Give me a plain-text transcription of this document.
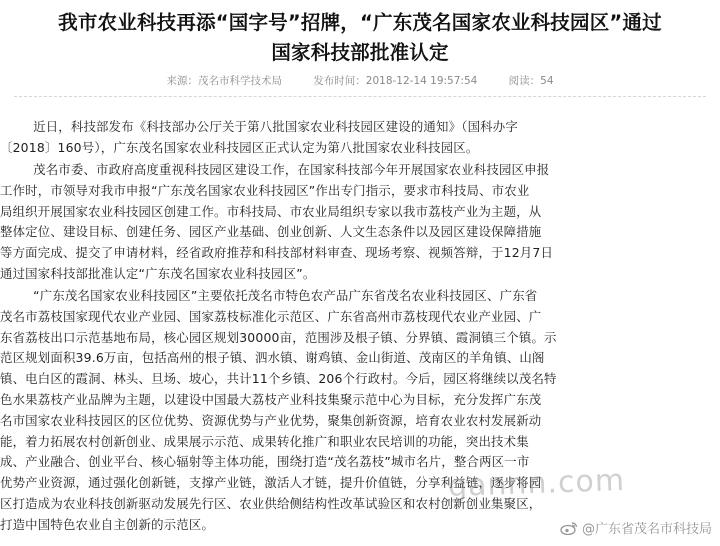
我市农业科技再添“国字号”招牌，“广东茂名国家农业科技园区”通过
国家科技部批准认定
来源：茂名市科学技术局	发布时间：2018-12-14 19:57:54	阅读：54
近日，科技部发布《科技部办公厅关于第八批国家农业科技园区建设的通知》（国科办字
〔2018〕160号），广东茂名国家农业科技园区正式认定为第八批国家农业科技园区。
茂名市委、市政府高度重视科技园区建设工作，在国家科技部今年开展国家农业科技园区申报
工作时，市领导对我市申报“广东茂名国家农业科技园区”作出专门指示，要求市科技局、市农业
局组织开展国家农业科技园区创建工作。市科技局、市农业局组织专家以我市荔枝产业为主题，从
整体定位、建设目标、创建任务、园区产业基础、创业创新、人文生态条件以及园区建设保障措施
等方面完成、提交了申请材料，经省政府推荐和科技部材料审查、现场考察、视频答辩，于12月7日
通过国家科技部批准认定“广东茂名国家农业科技园区”。
“广东茂名国家农业科技园区”主要依托茂名市特色农产品广东省茂名农业科技园区、广东省
茂名市荔枝国家现代农业产业园、国家荔枝标准化示范区、广东省高州市荔枝现代农业产业园、广
东省荔枝出口示范基地布局，核心园区规划30000亩，范围涉及根子镇、分界镇、霞洞镇三个镇。示
范区规划面积39.6万亩，包括高州的根子镇、泗水镇、谢鸡镇、金山街道、茂南区的羊角镇、山阁
镇、电白区的霞洞、林头、旦场、坡心，共计11个乡镇、206个行政村。今后，园区将继续以茂名特
色水果荔枝产业品牌为主题，以建设中国最大荔枝产业科技集聚示范中心为目标，充分发挥广东茂
名市国家农业科技园区的区位优势、资源优势与产业优势，聚集创新资源，培育农业农村发展新动
能，着力拓展农村创新创业、成果展示示范、成果转化推广和职业农民培训的功能，突出技术集
成、产业融合、创业平台、核心辐射等主体功能，围绕打造“茂名荔枝”城市名片，整合两区一市
优势产业资源，通过强化创新链，支撑产业链，激活人才链，提升价值链，分享利益链，逐步将园
区打造成为农业科技创新驱动发展先行区、农业供给侧结构性改革试验区和农村创新创业集聚区，
打造中国特色农业自主创新的示范区。
gannn.com
@广东省茂名市科技局
